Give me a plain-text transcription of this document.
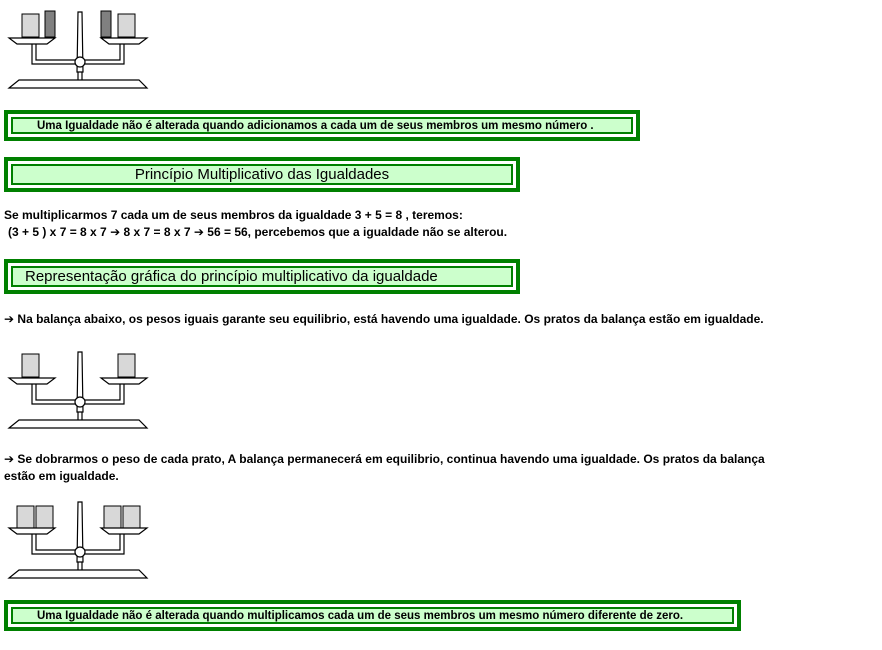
Uma Igualdade não é alterada quando adicionamos a cada um de seus membros um mesmo número .
Princípio Multiplicativo das Igualdades
Se multiplicarmos 7 cada um de seus membros da igualdade 3 + 5 = 8 , teremos:
(3 + 5 ) x 7 = 8 x 7 ➔ 8 x 7 = 8 x 7 ➔ 56 = 56, percebemos que a igualdade não se alterou.
Representação gráfica do princípio multiplicativo da igualdade
➔ Na balança abaixo, os pesos iguais garante seu equilibrio, está havendo uma igualdade. Os pratos da balança estão em igualdade.
➔ Se dobrarmos o peso de cada prato, A balança permanecerá em equilibrio, continua havendo uma igualdade. Os pratos da balança
estão em igualdade.
Uma Igualdade não é alterada quando multiplicamos cada um de seus membros um mesmo número diferente de zero.
